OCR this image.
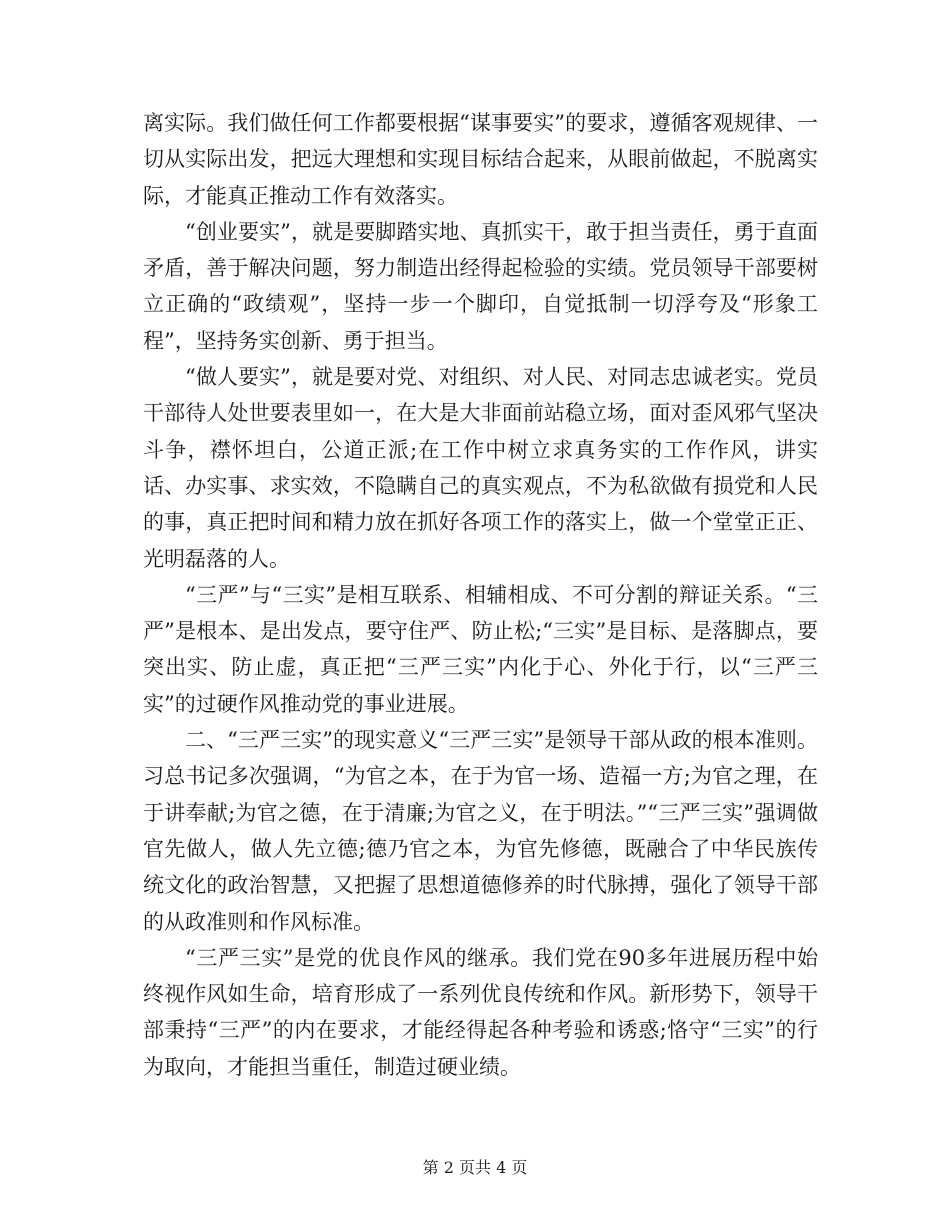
离实际。我们做任何工作都要根据“谋事要实”的要求，遵循客观规律、一切从实际出发，把远大理想和实现目标结合起来，从眼前做起，不脱离实际，才能真正推动工作有效落实。

“创业要实”，就是要脚踏实地、真抓实干，敢于担当责任，勇于直面矛盾，善于解决问题，努力制造出经得起检验的实绩。党员领导干部要树立正确的“政绩观”，坚持一步一个脚印，自觉抵制一切浮夸及“形象工程”，坚持务实创新、勇于担当。

“做人要实”，就是要对党、对组织、对人民、对同志忠诚老实。党员干部待人处世要表里如一，在大是大非面前站稳立场，面对歪风邪气坚决斗争，襟怀坦白，公道正派;在工作中树立求真务实的工作作风，讲实话、办实事、求实效，不隐瞒自己的真实观点，不为私欲做有损党和人民的事，真正把时间和精力放在抓好各项工作的落实上，做一个堂堂正正、光明磊落的人。

“三严”与“三实”是相互联系、相辅相成、不可分割的辩证关系。“三严”是根本、是出发点，要守住严、防止松;“三实”是目标、是落脚点，要突出实、防止虚，真正把“三严三实”内化于心、外化于行，以“三严三实”的过硬作风推动党的事业进展。

二、“三严三实”的现实意义“三严三实”是领导干部从政的根本准则。习总书记多次强调，“为官之本，在于为官一场、造福一方;为官之理，在于讲奉献;为官之德，在于清廉;为官之义，在于明法。”“三严三实”强调做官先做人，做人先立德;德乃官之本，为官先修德，既融合了中华民族传统文化的政治智慧，又把握了思想道德修养的时代脉搏，强化了领导干部的从政准则和作风标准。

“三严三实”是党的优良作风的继承。我们党在90多年进展历程中始终视作风如生命，培育形成了一系列优良传统和作风。新形势下，领导干部秉持“三严”的内在要求，才能经得起各种考验和诱惑;恪守“三实”的行为取向，才能担当重任，制造过硬业绩。

第 2 页共 4 页
